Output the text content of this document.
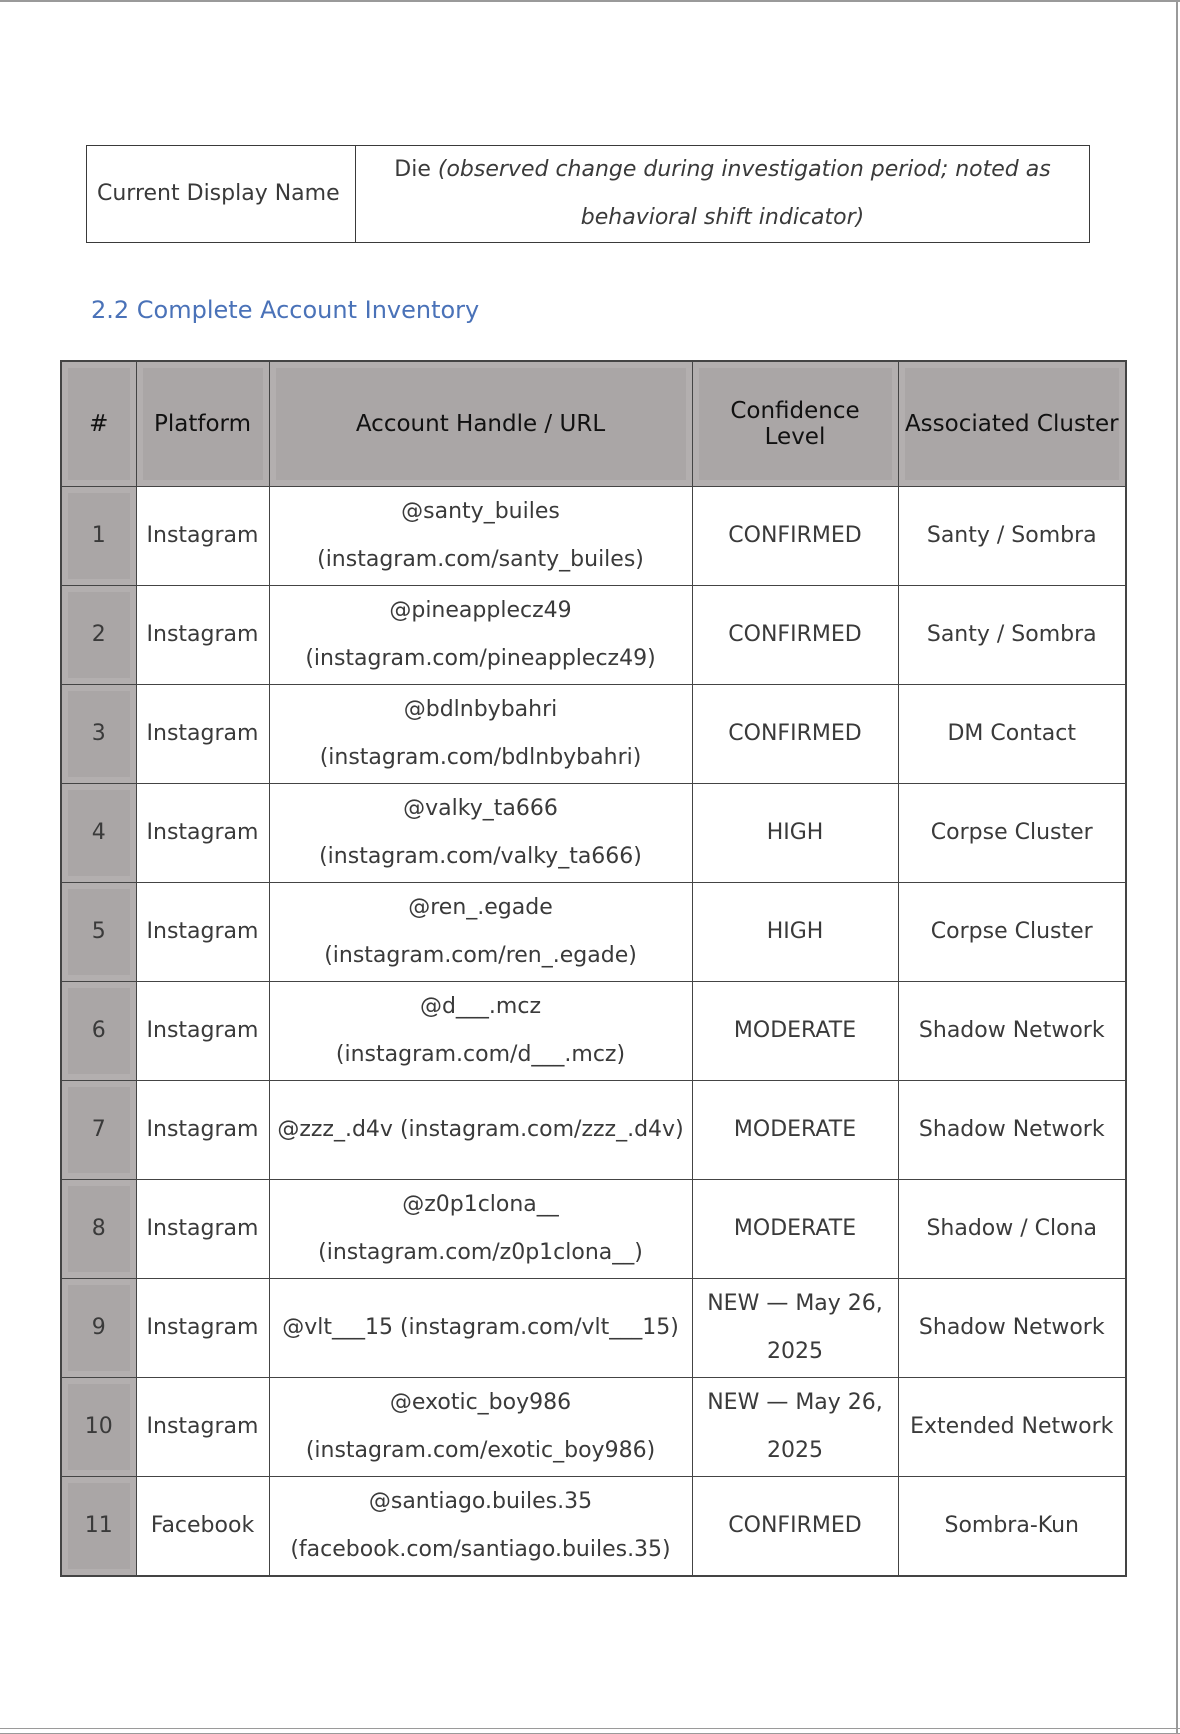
Current Display Name	Die (observed change during investigation period; noted as behavioral shift indicator)
2.2 Complete Account Inventory
#	Platform	Account Handle / URL	Confidence Level	Associated Cluster
1	Instagram	@santy_builes (instagram.com/santy_builes)	CONFIRMED	Santy / Sombra
2	Instagram	@pineapplecz49 (instagram.com/pineapplecz49)	CONFIRMED	Santy / Sombra
3	Instagram	@bdlnbybahri (instagram.com/bdlnbybahri)	CONFIRMED	DM Contact
4	Instagram	@valky_ta666 (instagram.com/valky_ta666)	HIGH	Corpse Cluster
5	Instagram	@ren_.egade (instagram.com/ren_.egade)	HIGH	Corpse Cluster
6	Instagram	@d___.mcz (instagram.com/d___.mcz)	MODERATE	Shadow Network
7	Instagram	@zzz_.d4v (instagram.com/zzz_.d4v)	MODERATE	Shadow Network
8	Instagram	@z0p1clona__ (instagram.com/z0p1clona__)	MODERATE	Shadow / Clona
9	Instagram	@vlt___15 (instagram.com/vlt___15)	NEW — May 26, 2025	Shadow Network
10	Instagram	@exotic_boy986 (instagram.com/exotic_boy986)	NEW — May 26, 2025	Extended Network
11	Facebook	@santiago.builes.35 (facebook.com/santiago.builes.35)	CONFIRMED	Sombra-Kun
